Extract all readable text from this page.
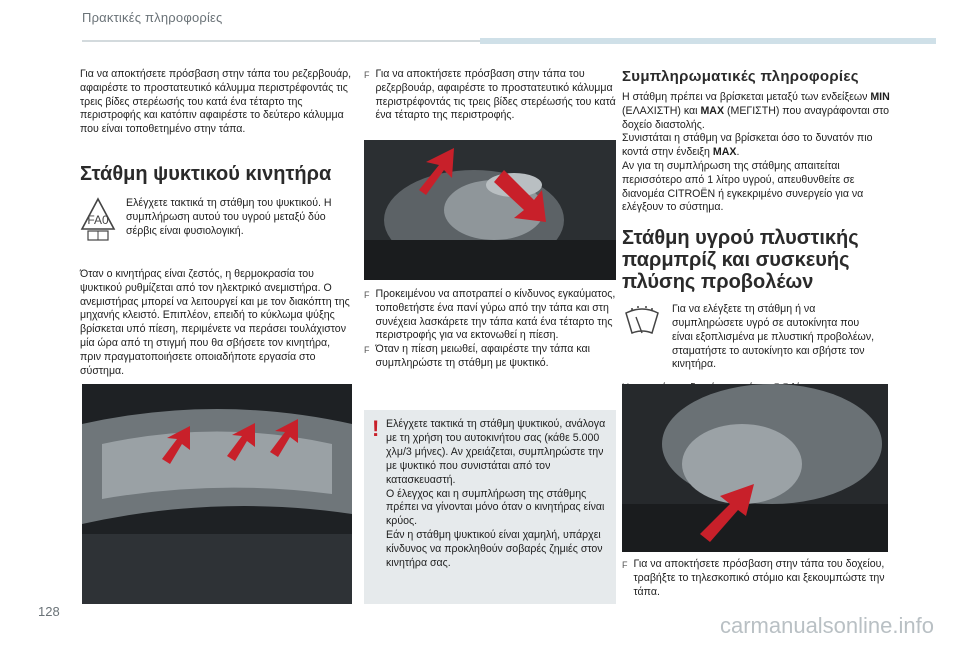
Πρακτικές πληροφορίες

Για να αποκτήσετε πρόσβαση στην τάπα του ρεζερβουάρ, αφαιρέστε το προστατευτικό κάλυμμα περιστρέφοντάς τις τρεις βίδες στερέωσής του κατά ένα τέταρτο της περιστροφής και κατόπιν αφαιρέστε το δεύτερο κάλυμμα που είναι τοποθετημένο στην τάπα.

Στάθμη ψυκτικού κινητήρα
FA0

Ελέγχετε τακτικά τη στάθμη του ψυκτικού. Η συμπλήρωση αυτού του υγρού μεταξύ δύο σέρβις είναι φυσιολογική.

Όταν ο κινητήρας είναι ζεστός, η θερμοκρασία του ψυκτικού ρυθμίζεται από τον ηλεκτρικό ανεμιστήρα. Ο ανεμιστήρας μπορεί να λειτουργεί και με τον διακόπτη της μηχανής κλειστό. Επιπλέον, επειδή το κύκλωμα ψύξης βρίσκεται υπό πίεση, περιμένετε να περάσει τουλάχιστον μία ώρα από τη στιγμή που θα σβήσετε τον κινητήρα, πριν πραγματοποιήσετε οποιαδήποτε εργασία στο σύστημα.

F Για να αποκτήσετε πρόσβαση στην τάπα του ρεζερβουάρ, αφαιρέστε το προστατευτικό κάλυμμα περιστρέφοντάς τις τρεις βίδες στερέωσής του κατά ένα τέταρτο της περιστροφής.
F Προκειμένου να αποτραπεί ο κίνδυνος εγκαύματος, τοποθετήστε ένα πανί γύρω από την τάπα και στη συνέχεια λασκάρετε την τάπα κατά ένα τέταρτο της περιστροφής για να εκτονωθεί η πίεση.
F Όταν η πίεση μειωθεί, αφαιρέστε την τάπα και συμπληρώστε τη στάθμη με ψυκτικό.
! Ελέγχετε τακτικά τη στάθμη ψυκτικού, ανάλογα με τη χρήση του αυτοκινήτου σας (κάθε 5.000 χλμ/3 μήνες). Αν χρειάζεται, συμπληρώστε την με ψυκτικό που συνιστάται από τον κατασκευαστή.
Ο έλεγχος και η συμπλήρωση της στάθμης πρέπει να γίνονται μόνο όταν ο κινητήρας είναι κρύος.
Εάν η στάθμη ψυκτικού είναι χαμηλή, υπάρχει κίνδυνος να προκληθούν σοβαρές ζημιές στον κινητήρα σας.

Συμπληρωματικές πληροφορίες

Η στάθμη πρέπει να βρίσκεται μεταξύ των ενδείξεων MIN (ΕΛΑΧΙΣΤΗ) και MAX (ΜΕΓΙΣΤΗ) που αναγράφονται στο δοχείο διαστολής.

Συνιστάται η στάθμη να βρίσκεται όσο το δυνατόν πιο κοντά στην ένδειξη MAX.

Αν για τη συμπλήρωση της στάθμης απαιτείται περισσότερο από 1 λίτρο υγρού, απευθυνθείτε σε διανομέα CITROËN ή εγκεκριμένο συνεργείο για να ελέγξουν το σύστημα.

Στάθμη υγρού πλυστικής παρμπρίζ και συσκευής πλύσης προβολέων

Για να ελέγξετε τη στάθμη ή να συμπληρώσετε υγρό σε αυτοκίνητα που είναι εξοπλισμένα με πλυστική προβολέων, σταματήστε το αυτοκίνητο και σβήστε τον κινητήρα.

F Για να αποκτήσετε πρόσβαση στην τάπα του δοχείου, τραβήξτε το τηλεσκοπικό στόμιο και ξεκουμπώστε την τάπα.
128
carmanualsonline.info
